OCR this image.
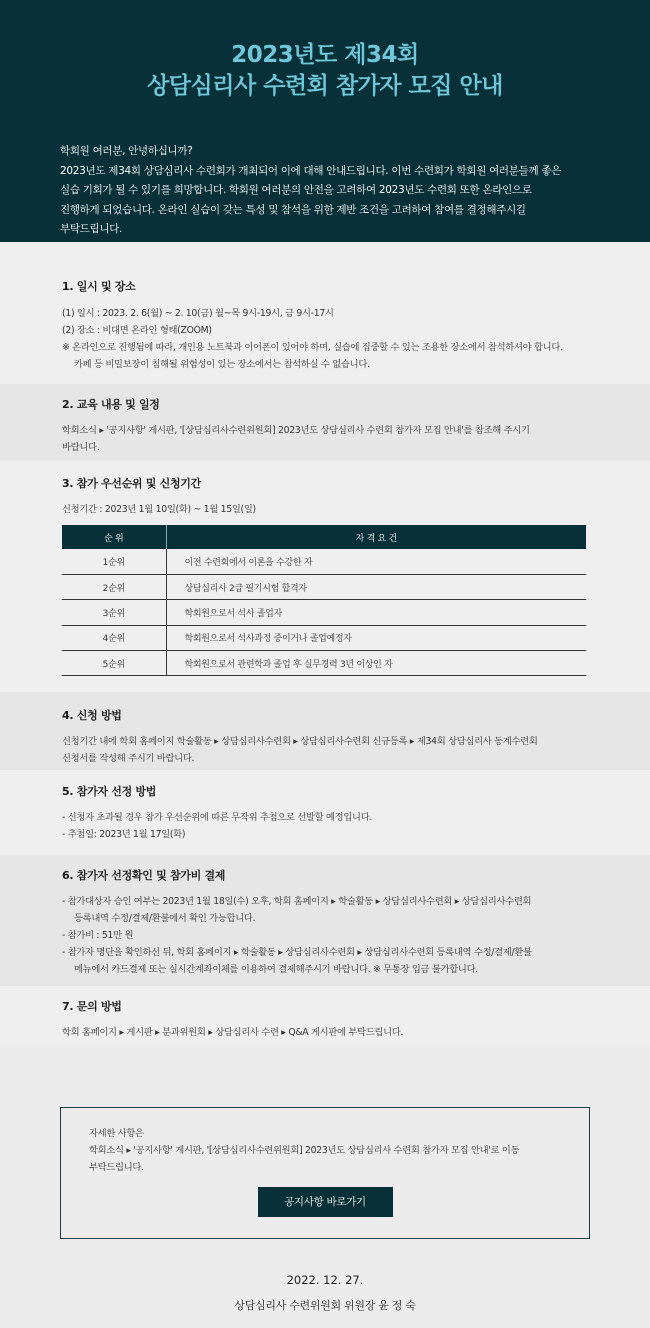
2023년도 제34회
상담심리사 수련회 참가자 모집 안내

학회원 여러분, 안녕하십니까?

2023년도 제34회 상담심리사 수련회가 개최되어 이에 대해 안내드립니다. 이번 수련회가 학회원 여러분들께 좋은

실습 기회가 될 수 있기를 희망합니다. 학회원 여러분의 안전을 고려하여 2023년도 수련회 또한 온라인으로

진행하게 되었습니다. 온라인 실습이 갖는 특성 및 참석을 위한 제반 조건을 고려하여 참여를 결정해주시길

부탁드립니다.

1. 일시 및 장소
(1) 일시 : 2023. 2. 6(월) ~ 2. 10(금) 월~목 9시-19시, 금 9시-17시
(2) 장소 : 비대면 온라인 형태(ZOOM)
※ 온라인으로 진행됨에 따라, 개인용 노트북과 이어폰이 있어야 하며, 실습에 집중할 수 있는 조용한 장소에서 참석하셔야 합니다.
카페 등 비밀보장이 침해될 위험성이 있는 장소에서는 참석하실 수 없습니다.
2. 교육 내용 및 일정
학회소식 ▸ '공지사항' 게시판, '[상담심리사수련위원회] 2023년도 상담심리사 수련회 참가자 모집 안내'를 참조해 주시기
바랍니다.
3. 참가 우선순위 및 신청기간
신청기간 : 2023년 1월 10일(화) ~ 1월 15일(일)
순 위	자 격 요 건
1순위	이전 수련회에서 이론을 수강한 자
2순위	상담심리사 2급 필기시험 합격자
3순위	학회원으로서 석사 졸업자
4순위	학회원으로서 석사과정 중이거나 졸업예정자
5순위	학회원으로서 관련학과 졸업 후 실무경력 3년 이상인 자
4. 신청 방법
신청기간 내에 학회 홈페이지 학술활동 ▸ 상담심리사수련회 ▸ 상담심리사수련회 신규등록 ▸ 제34회 상담심리사 동계수련회
신청서를 작성해 주시기 바랍니다.
5. 참가자 선정 방법
- 신청자 초과될 경우 참가 우선순위에 따른 무작위 추첨으로 선발할 예정입니다.
- 추첨일: 2023년 1월 17일(화)
6. 참가자 선정확인 및 참가비 결제
- 참가대상자 승인 여부는 2023년 1월 18일(수) 오후, 학회 홈페이지 ▸ 학술활동 ▸ 상담심리사수련회 ▸ 상담심리사수련회
등록내역 수정/결제/환불에서 확인 가능합니다.
- 참가비 : 51만 원
- 참가자 명단을 확인하신 뒤, 학회 홈페이지 ▸ 학술활동 ▸ 상담심리사수련회 ▸ 상담심리사수련회 등록내역 수정/결제/환불
메뉴에서 카드결제 또는 실시간계좌이체를 이용하여 결제해주시기 바랍니다. ※ 무통장 입금 불가합니다.
7. 문의 방법
학회 홈페이지 ▸ 게시판 ▸ 분과위원회 ▸ 상담심리사 수련 ▸ Q&A 게시판에 부탁드립니다.
자세한 사항은
학회소식 ▸ '공지사항' 게시판, '[상담심리사수련위원회] 2023년도 상담심리사 수련회 참가자 모집 안내'로 이동
부탁드립니다.
공지사항 바로가기
2022. 12. 27.
상담심리사 수련위원회 위원장 윤 정 숙
